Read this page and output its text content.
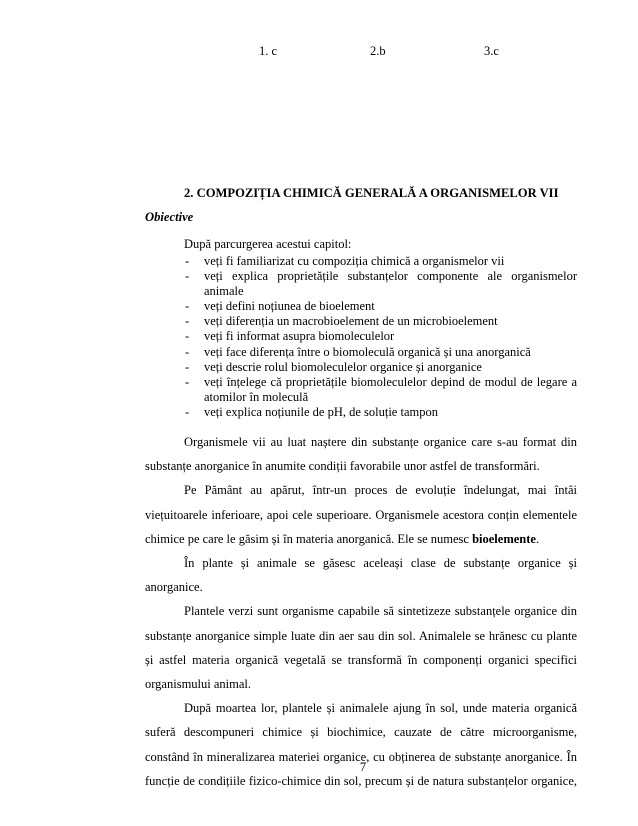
1. c	2.b	3.c
2. COMPOZIȚIA CHIMICĂ GENERALĂ A ORGANISMELOR VII
Obiective
După parcurgerea acestui capitol:
- veți fi familiarizat cu compoziția chimică a organismelor vii
- veți explica proprietățile substanțelor componente ale organismelor animale
- veți defini noțiunea de bioelement
- veți diferenția un macrobioelement de un microbioelement
- veți fi informat asupra biomoleculelor
- veți face diferența între o biomoleculă organică și una anorganică
- veți descrie rolul biomoleculelor organice și anorganice
- veți înțelege că proprietățile biomoleculelor depind de modul de legare a atomilor în moleculă
- veți explica noțiunile de pH, de soluție tampon

Organismele vii au luat naștere din substanțe organice care s-au format din substanțe anorganice în anumite condiții favorabile unor astfel de transformări.

Pe Pământ au apărut, într-un proces de evoluție îndelungat, mai întâi viețuitoarele inferioare, apoi cele superioare. Organismele acestora conțin elementele chimice pe care le găsim și în materia anorganică. Ele se numesc bioelemente.

În plante și animale se găsesc aceleași clase de substanțe organice și anorganice.

Plantele verzi sunt organisme capabile să sintetizeze substanțele organice din substanțe anorganice simple luate din aer sau din sol. Animalele se hrănesc cu plante și astfel materia organică vegetală se transformă în componenți organici specifici organismului animal.

După moartea lor, plantele și animalele ajung în sol, unde materia organică suferă descompuneri chimice și biochimice, cauzate de către microorganisme, constând în mineralizarea materiei organice, cu obținerea de substanțe anorganice. În funcție de condițiile fizico-chimice din sol, precum și de natura substanțelor organice,

7
